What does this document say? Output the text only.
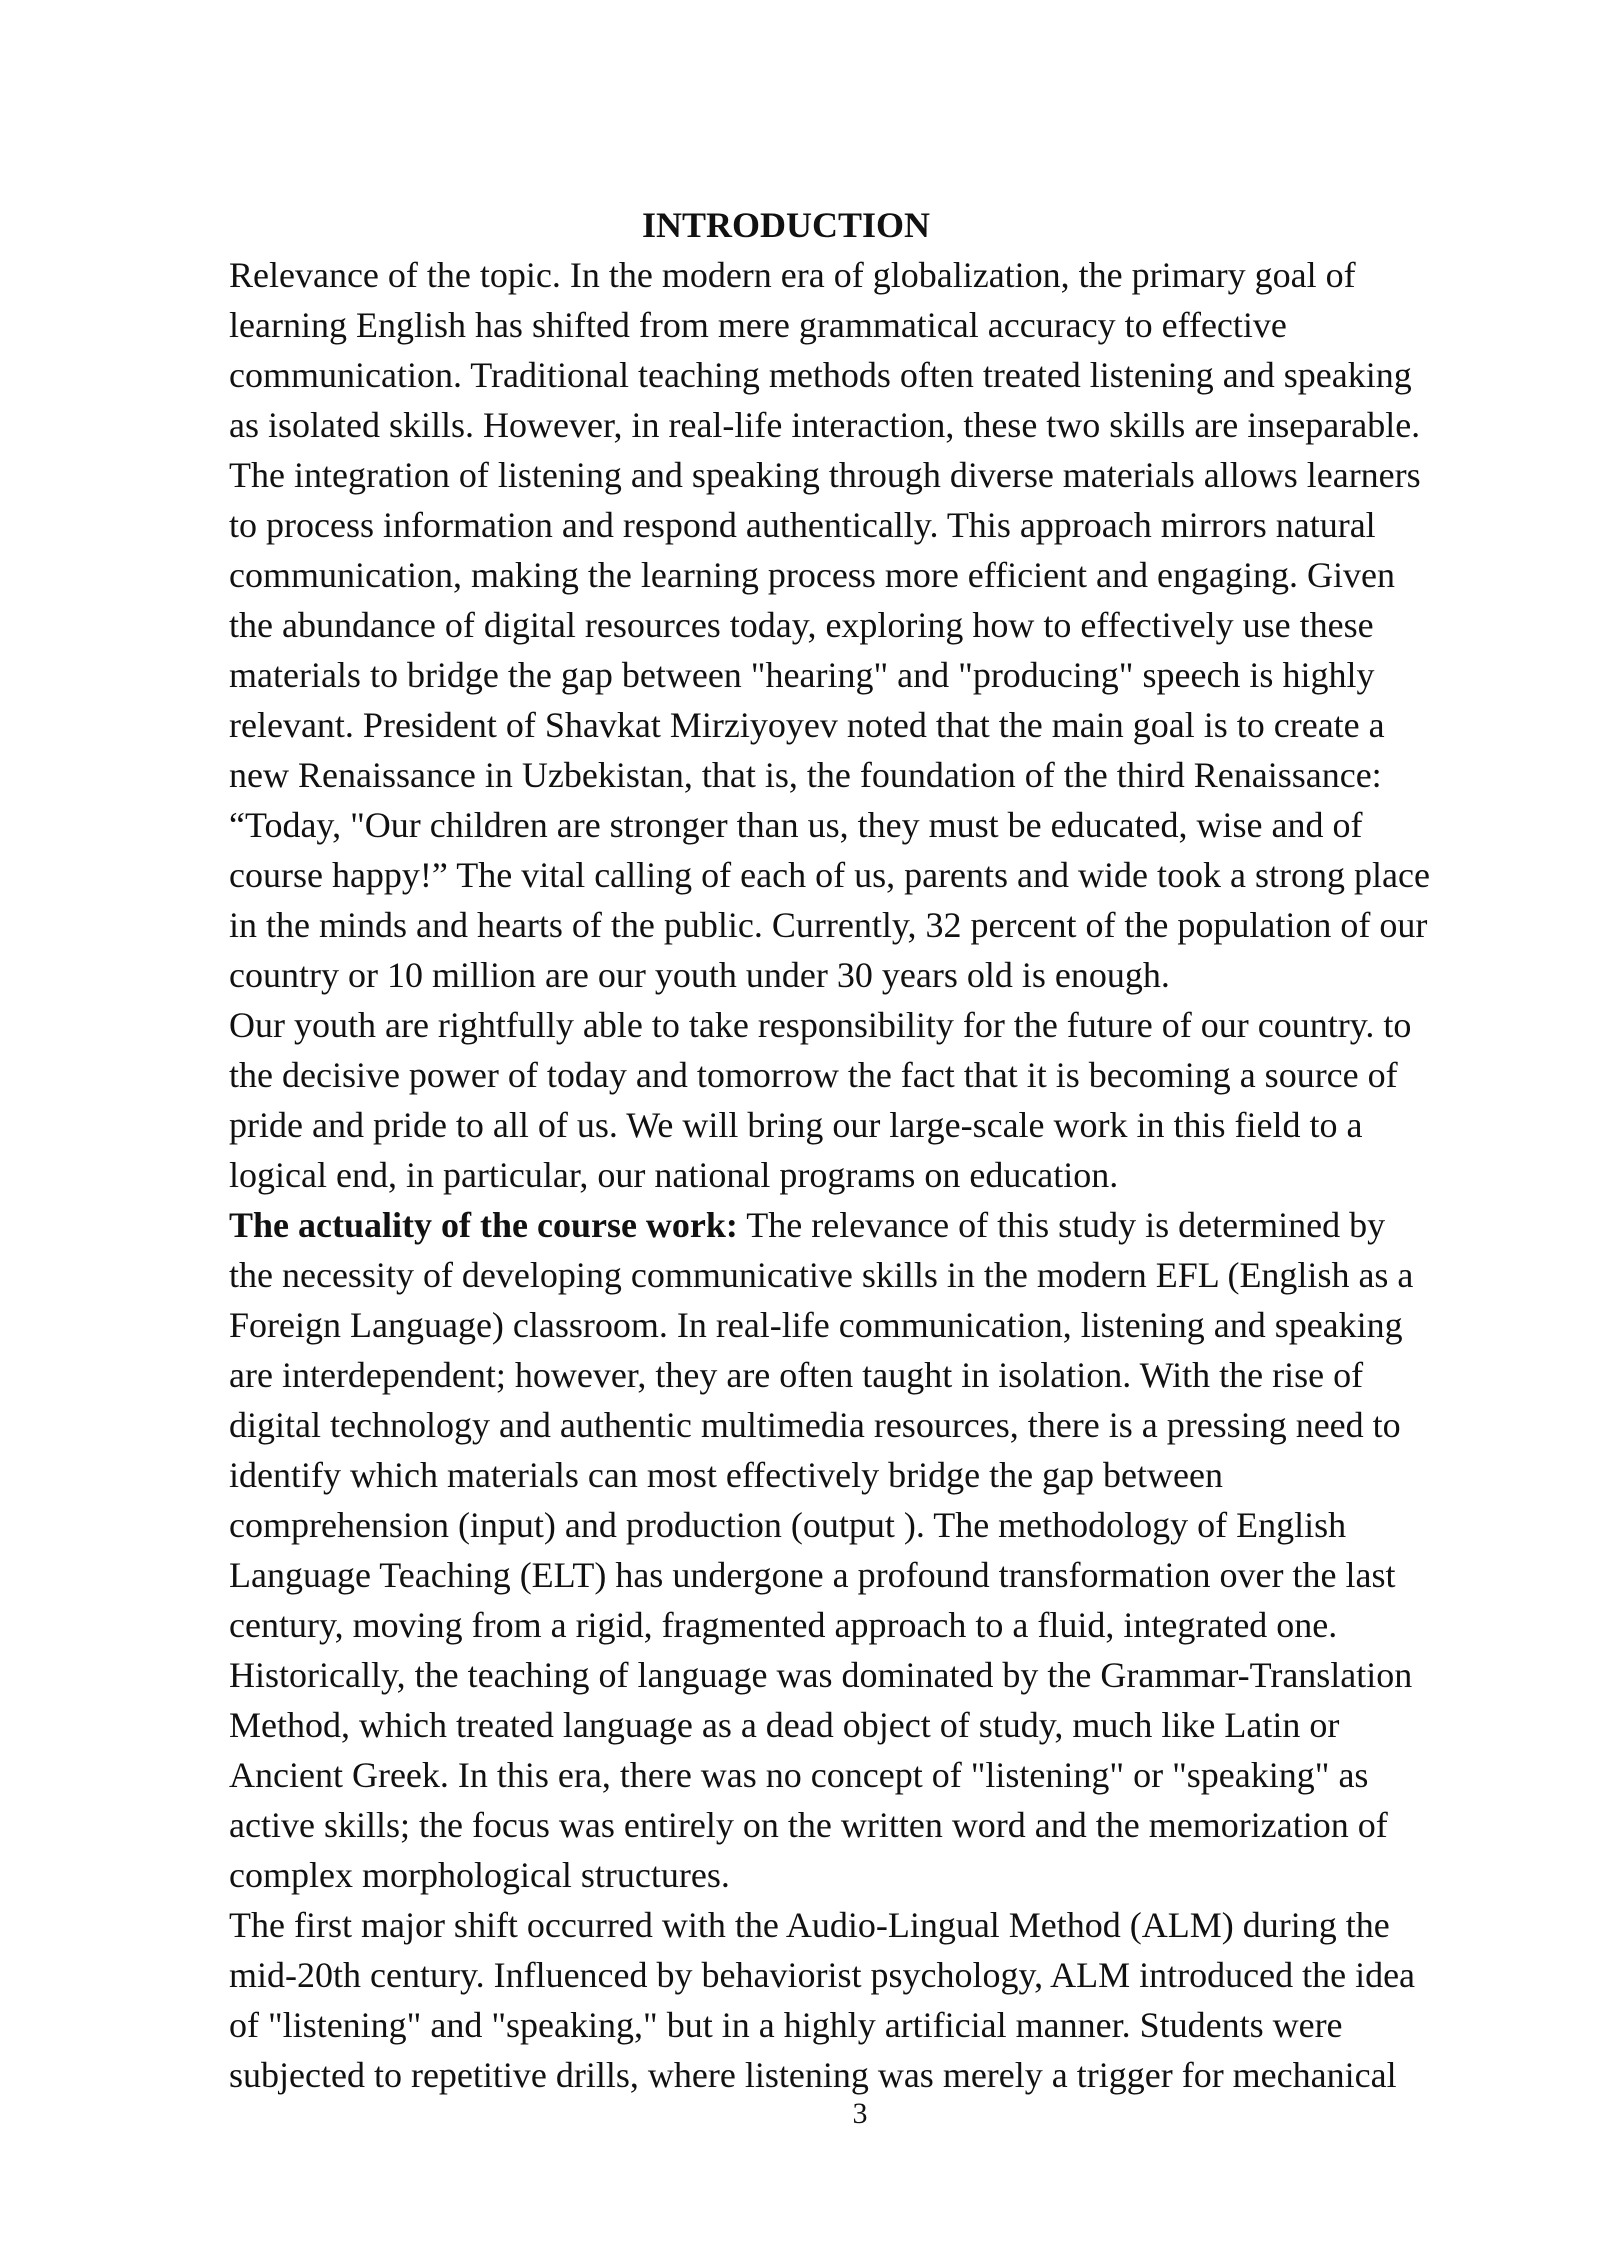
INTRODUCTION
Relevance of the topic. In the modern era of globalization, the primary goal of
learning English has shifted from mere grammatical accuracy to effective
communication. Traditional teaching methods often treated listening and speaking
as isolated skills. However, in real-life interaction, these two skills are inseparable.
The integration of listening and speaking through diverse materials allows learners
to process information and respond authentically. This approach mirrors natural
communication, making the learning process more efficient and engaging. Given
the abundance of digital resources today, exploring how to effectively use these
materials to bridge the gap between "hearing" and "producing" speech is highly
relevant. President of Shavkat Mirziyoyev noted that the main goal is to create a
new Renaissance in Uzbekistan, that is, the foundation of the third Renaissance:
“Today, "Our children are stronger than us, they must be educated, wise and of
course happy!” The vital calling of each of us, parents and wide took a strong place
in the minds and hearts of the public. Currently, 32 percent of the population of our
country or 10 million are our youth under 30 years old is enough.
Our youth are rightfully able to take responsibility for the future of our country. to
the decisive power of today and tomorrow the fact that it is becoming a source of
pride and pride to all of us. We will bring our large-scale work in this field to a
logical end, in particular, our national programs on education.
The actuality of the course work: The relevance of this study is determined by
the necessity of developing communicative skills in the modern EFL (English as a
Foreign Language) classroom. In real-life communication, listening and speaking
are interdependent; however, they are often taught in isolation. With the rise of
digital technology and authentic multimedia resources, there is a pressing need to
identify which materials can most effectively bridge the gap between
comprehension (input) and production (output ). The methodology of English
Language Teaching (ELT) has undergone a profound transformation over the last
century, moving from a rigid, fragmented approach to a fluid, integrated one.
Historically, the teaching of language was dominated by the Grammar-Translation
Method, which treated language as a dead object of study, much like Latin or
Ancient Greek. In this era, there was no concept of "listening" or "speaking" as
active skills; the focus was entirely on the written word and the memorization of
complex morphological structures.
The first major shift occurred with the Audio-Lingual Method (ALM) during the
mid-20th century. Influenced by behaviorist psychology, ALM introduced the idea
of "listening" and "speaking," but in a highly artificial manner. Students were
subjected to repetitive drills, where listening was merely a trigger for mechanical
3
